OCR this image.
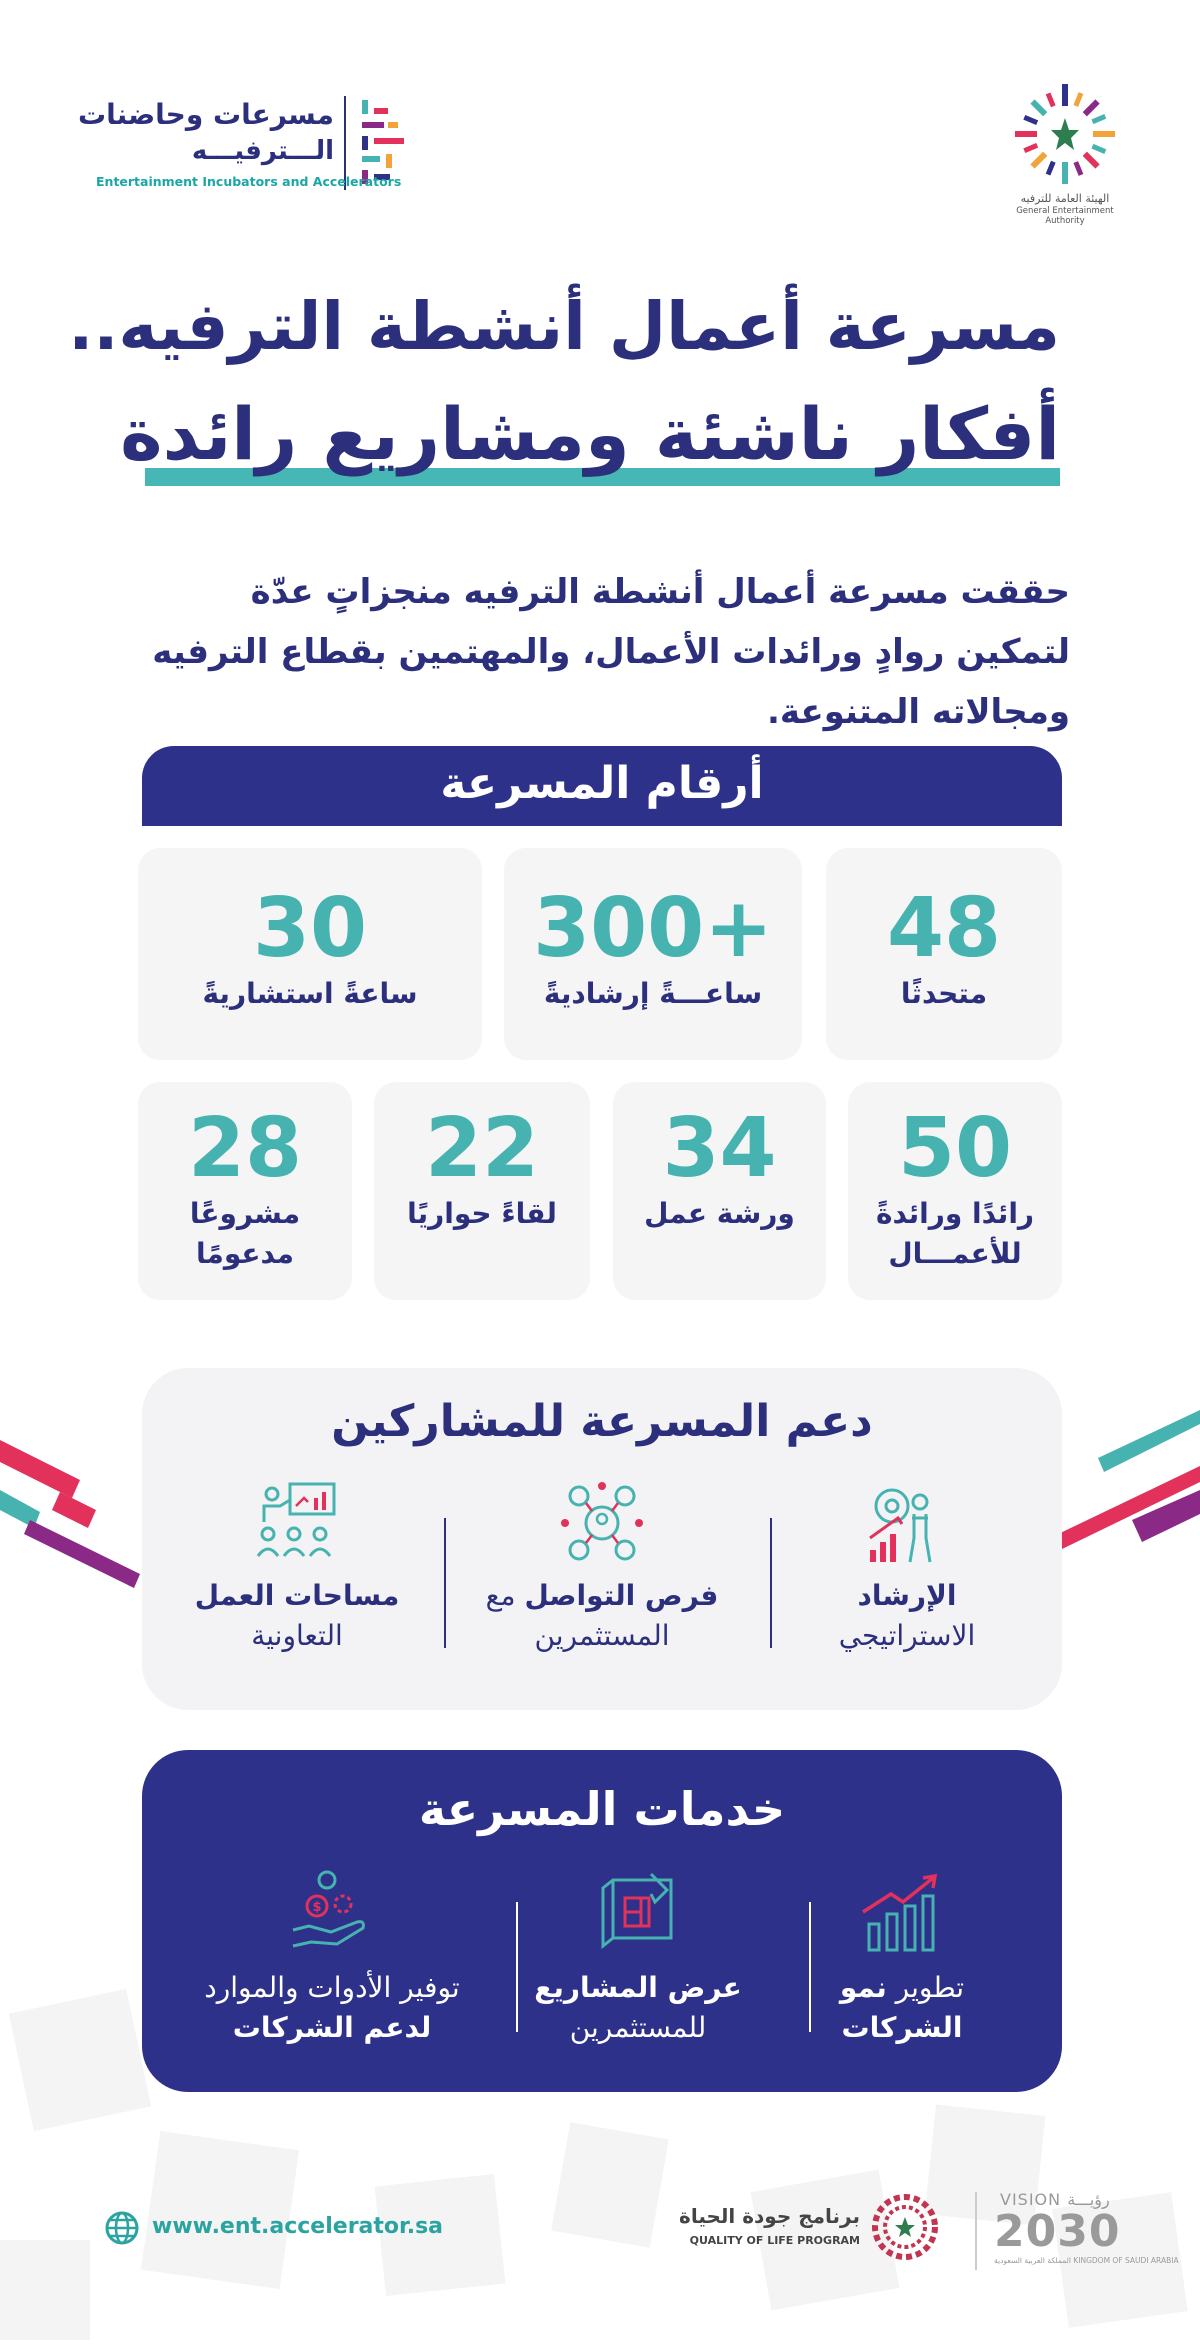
مسرعات وحاضنات
الـــترفيـــه
Entertainment Incubators and Accelerators
الهيئة العامة للترفيه
General Entertainment Authority
مسرعة أعمال أنشطة الترفيه..
أفكار ناشئة ومشاريع رائدة
حققت مسرعة أعمال أنشطة الترفيه منجزاتٍ عدّة لتمكين روادٍ ورائدات الأعمال، والمهتمين بقطاع الترفيه ومجالاته المتنوعة.
أرقام المسرعة
48
متحدثًا
300+
ساعـــةً إرشاديةً
30
ساعةً استشاريةً
50
رائدًا ورائدةً
للأعمـــال
34
ورشة عمل
22
لقاءً حواريًا
28
مشروعًا
مدعومًا
دعم المسرعة للمشاركين
الإرشاد
الاستراتيجي
فرص التواصل مع
المستثمرين
مساحات العمل
التعاونية
خدمات المسرعة
تطوير نمو
الشركات
عرض المشاريع
للمستثمرين
$
توفير الأدوات والموارد
لدعم الشركات
www.ent.accelerator.sa	برنامج جودة الحياة
QUALITY OF LIFE PROGRAM
VISION رؤيـــة
2030
المملكة العربية السعودية KINGDOM OF SAUDI ARABIA
